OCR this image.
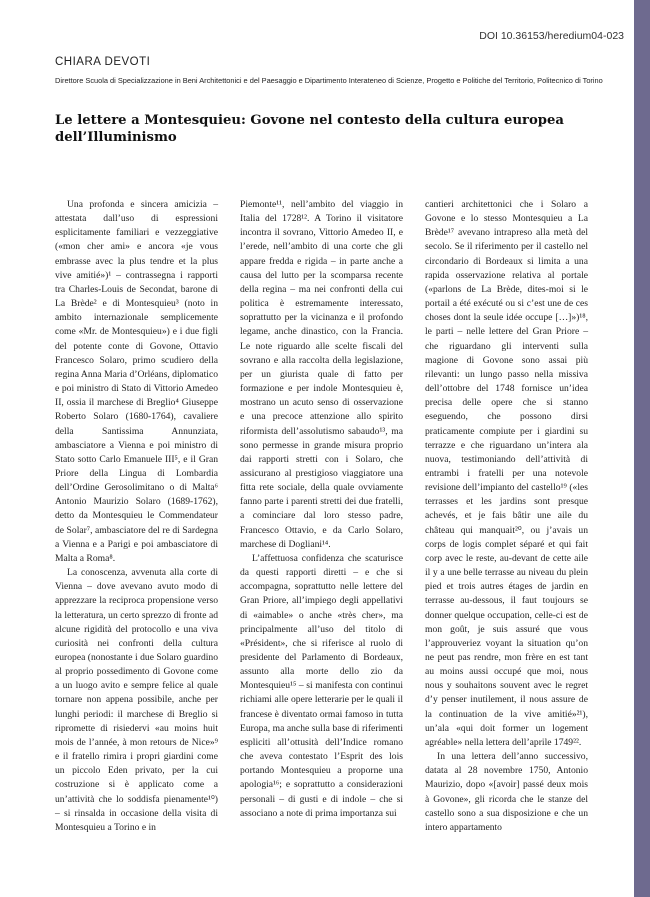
DOI 10.36153/heredium04-023
CHIARA DEVOTI
Direttore Scuola di Specializzazione in Beni Architettonici e del Paesaggio e Dipartimento Interateneo di Scienze, Progetto e Politiche del Territorio, Politecnico di Torino
Le lettere a Montesquieu: Govone nel contesto della cultura europea dell’Illuminismo

Una profonda e sincera amicizia – attestata dall’uso di espressioni esplicitamente familiari e vezzeggiative («mon cher ami» e ancora «je vous embrasse avec la plus tendre et la plus vive amitié»)¹ – contrassegna i rapporti tra Charles-Louis de Secondat, barone di La Brède² e di Montesquieu³ (noto in ambito internazionale semplicemente come «Mr. de Montesquieu») e i due figli del potente conte di Govone, Ottavio Francesco Solaro, primo scudiero della regina Anna Maria d’Orléans, diplomatico e poi ministro di Stato di Vittorio Amedeo II, ossia il marchese di Breglio⁴ Giuseppe Roberto Solaro (1680-1764), cavaliere della Santissima Annunziata, ambasciatore a Vienna e poi ministro di Stato sotto Carlo Emanuele III⁵, e il Gran Priore della Lingua di Lombardia dell’Ordine Gerosolimitano o di Malta⁶ Antonio Maurizio Solaro (1689-1762), detto da Montesquieu le Commendateur de Solar⁷, ambasciatore del re di Sardegna a Vienna e a Parigi e poi ambasciatore di Malta a Roma⁸.

La conoscenza, avvenuta alla corte di Vienna – dove avevano avuto modo di apprezzare la reciproca propensione verso la letteratura, un certo sprezzo di fronte ad alcune rigidità del protocollo e una viva curiosità nei confronti della cultura europea (nonostante i due Solaro guardino al proprio possedimento di Govone come a un luogo avito e sempre felice al quale tornare non appena possibile, anche per lunghi periodi: il marchese di Breglio si ripromette di risiedervi «au moins huit mois de l’année, à mon retours de Nice»⁹ e il fratello rimira i propri giardini come un piccolo Eden privato, per la cui costruzione si è applicato come a un’attività che lo soddisfa pienamente¹⁰) – si rinsalda in occasione della visita di Montesquieu a Torino e in

Piemonte¹¹, nell’ambito del viaggio in Italia del 1728¹². A Torino il visitatore incontra il sovrano, Vittorio Amedeo II, e l’erede, nell’ambito di una corte che gli appare fredda e rigida – in parte anche a causa del lutto per la scomparsa recente della regina – ma nei confronti della cui politica è estremamente interessato, soprattutto per la vicinanza e il profondo legame, anche dinastico, con la Francia. Le note riguardo alle scelte fiscali del sovrano e alla raccolta della legislazione, per un giurista quale di fatto per formazione e per indole Montesquieu è, mostrano un acuto senso di osservazione e una precoce attenzione allo spirito riformista dell’assolutismo sabaudo¹³, ma sono permesse in grande misura proprio dai rapporti stretti con i Solaro, che assicurano al prestigioso viaggiatore una fitta rete sociale, della quale ovviamente fanno parte i parenti stretti dei due fratelli, a cominciare dal loro stesso padre, Francesco Ottavio, e da Carlo Solaro, marchese di Dogliani¹⁴.

L’affettuosa confidenza che scaturisce da questi rapporti diretti – e che si accompagna, soprattutto nelle lettere del Gran Priore, all’impiego degli appellativi di «aimable» o anche «très cher», ma principalmente all’uso del titolo di «Président», che si riferisce al ruolo di presidente del Parlamento di Bordeaux, assunto alla morte dello zio da Montesquieu¹⁵ – si manifesta con continui richiami alle opere letterarie per le quali il francese è diventato ormai famoso in tutta Europa, ma anche sulla base di riferimenti espliciti all’ottusità dell’Indice romano che aveva contestato l’Esprit des lois portando Montesquieu a proporne una apologia¹⁶; e soprattutto a considerazioni personali – di gusti e di indole – che si associano a note di prima importanza sui

cantieri architettonici che i Solaro a Govone e lo stesso Montesquieu a La Brède¹⁷ avevano intrapreso alla metà del secolo. Se il riferimento per il castello nel circondario di Bordeaux si limita a una rapida osservazione relativa al portale («parlons de La Brède, dites-moi si le portail a été exécuté ou si c’est une de ces choses dont la seule idée occupe […]»)¹⁸, le parti – nelle lettere del Gran Priore – che riguardano gli interventi sulla magione di Govone sono assai più rilevanti: un lungo passo nella missiva dell’ottobre del 1748 fornisce un’idea precisa delle opere che si stanno eseguendo, che possono dirsi praticamente compiute per i giardini su terrazze e che riguardano un’intera ala nuova, testimoniando dell’attività di entrambi i fratelli per una notevole revisione dell’impianto del castello¹⁹ («les terrasses et les jardins sont presque achevés, et je fais bâtir une aile du château qui manquait²⁰, ou j’avais un corps de logis complet séparé et qui fait corp avec le reste, au-devant de cette aile il y a une belle terrasse au niveau du plein pied et trois autres étages de jardin en terrasse au-dessous, il faut toujours se donner quelque occupation, celle-ci est de mon goût, je suis assuré que vous l’approuveriez voyant la situation qu’on ne peut pas rendre, mon frère en est tant au moins aussi occupé que moi, nous nous y souhaitons souvent avec le regret d’y penser inutilement, il nous assure de la continuation de la vive amitié»²¹), un’ala «qui doit former un logement agréable» nella lettera dell’aprile 1749²².

In una lettera dell’anno successivo, datata al 28 novembre 1750, Antonio Maurizio, dopo «[avoir] passé deux mois à Govone», gli ricorda che le stanze del castello sono a sua disposizione e che un intero appartamento
